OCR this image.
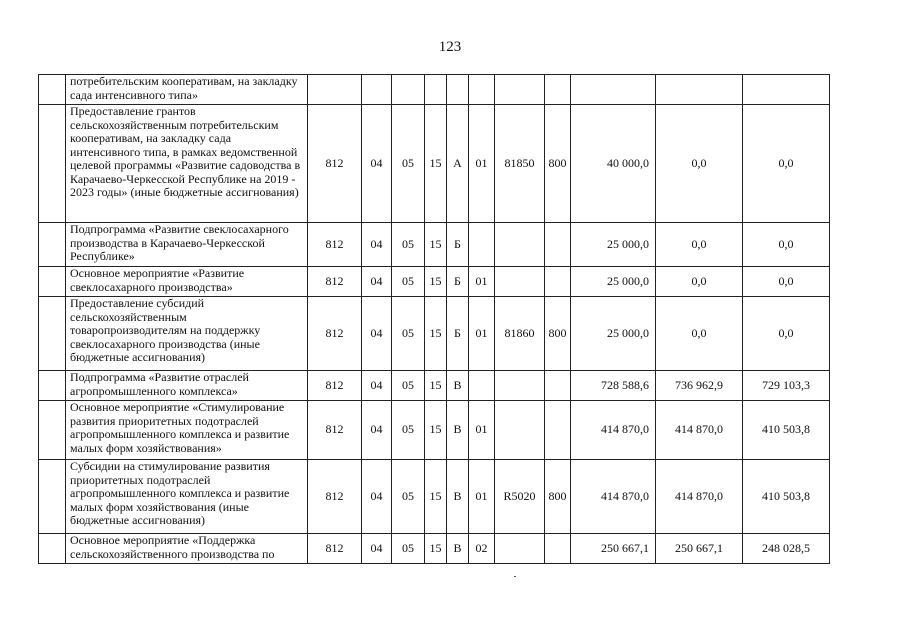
123
	потребительским кооперативам, на закладку сада интенсивного типа»											
	Предоставление грантов сельскохозяйственным потребительским кооперативам, на закладку сада интенсивного типа, в рамках ведомственной целевой программы «Развитие садоводства в Карачаево-Черкесской Республике на 2019 - 2023 годы» (иные бюджетные ассигнования)	812	04	05	15	А	01	81850	800	40 000,0	0,0	0,0
	Подпрограмма «Развитие свеклосахарного производства в Карачаево-Черкесской Республике»	812	04	05	15	Б				25 000,0	0,0	0,0
	Основное мероприятие «Развитие свеклосахарного производства»	812	04	05	15	Б	01			25 000,0	0,0	0,0
	Предоставление субсидий сельскохозяйственным товаропроизводителям на поддержку свеклосахарного производства (иные бюджетные ассигнования)	812	04	05	15	Б	01	81860	800	25 000,0	0,0	0,0
	Подпрограмма «Развитие отраслей агропромышленного комплекса»	812	04	05	15	В				728 588,6	736 962,9	729 103,3
	Основное мероприятие «Стимулирование развития приоритетных подотраслей агропромышленного комплекса и развитие малых форм хозяйствования»	812	04	05	15	В	01			414 870,0	414 870,0	410 503,8
	Субсидии на стимулирование развития приоритетных подотраслей агропромышленного комплекса и развитие малых форм хозяйствования (иные бюджетные ассигнования)	812	04	05	15	В	01	R5020	800	414 870,0	414 870,0	410 503,8
	Основное мероприятие «Поддержка сельскохозяйственного производства по	812	04	05	15	В	02			250 667,1	250 667,1	248 028,5
